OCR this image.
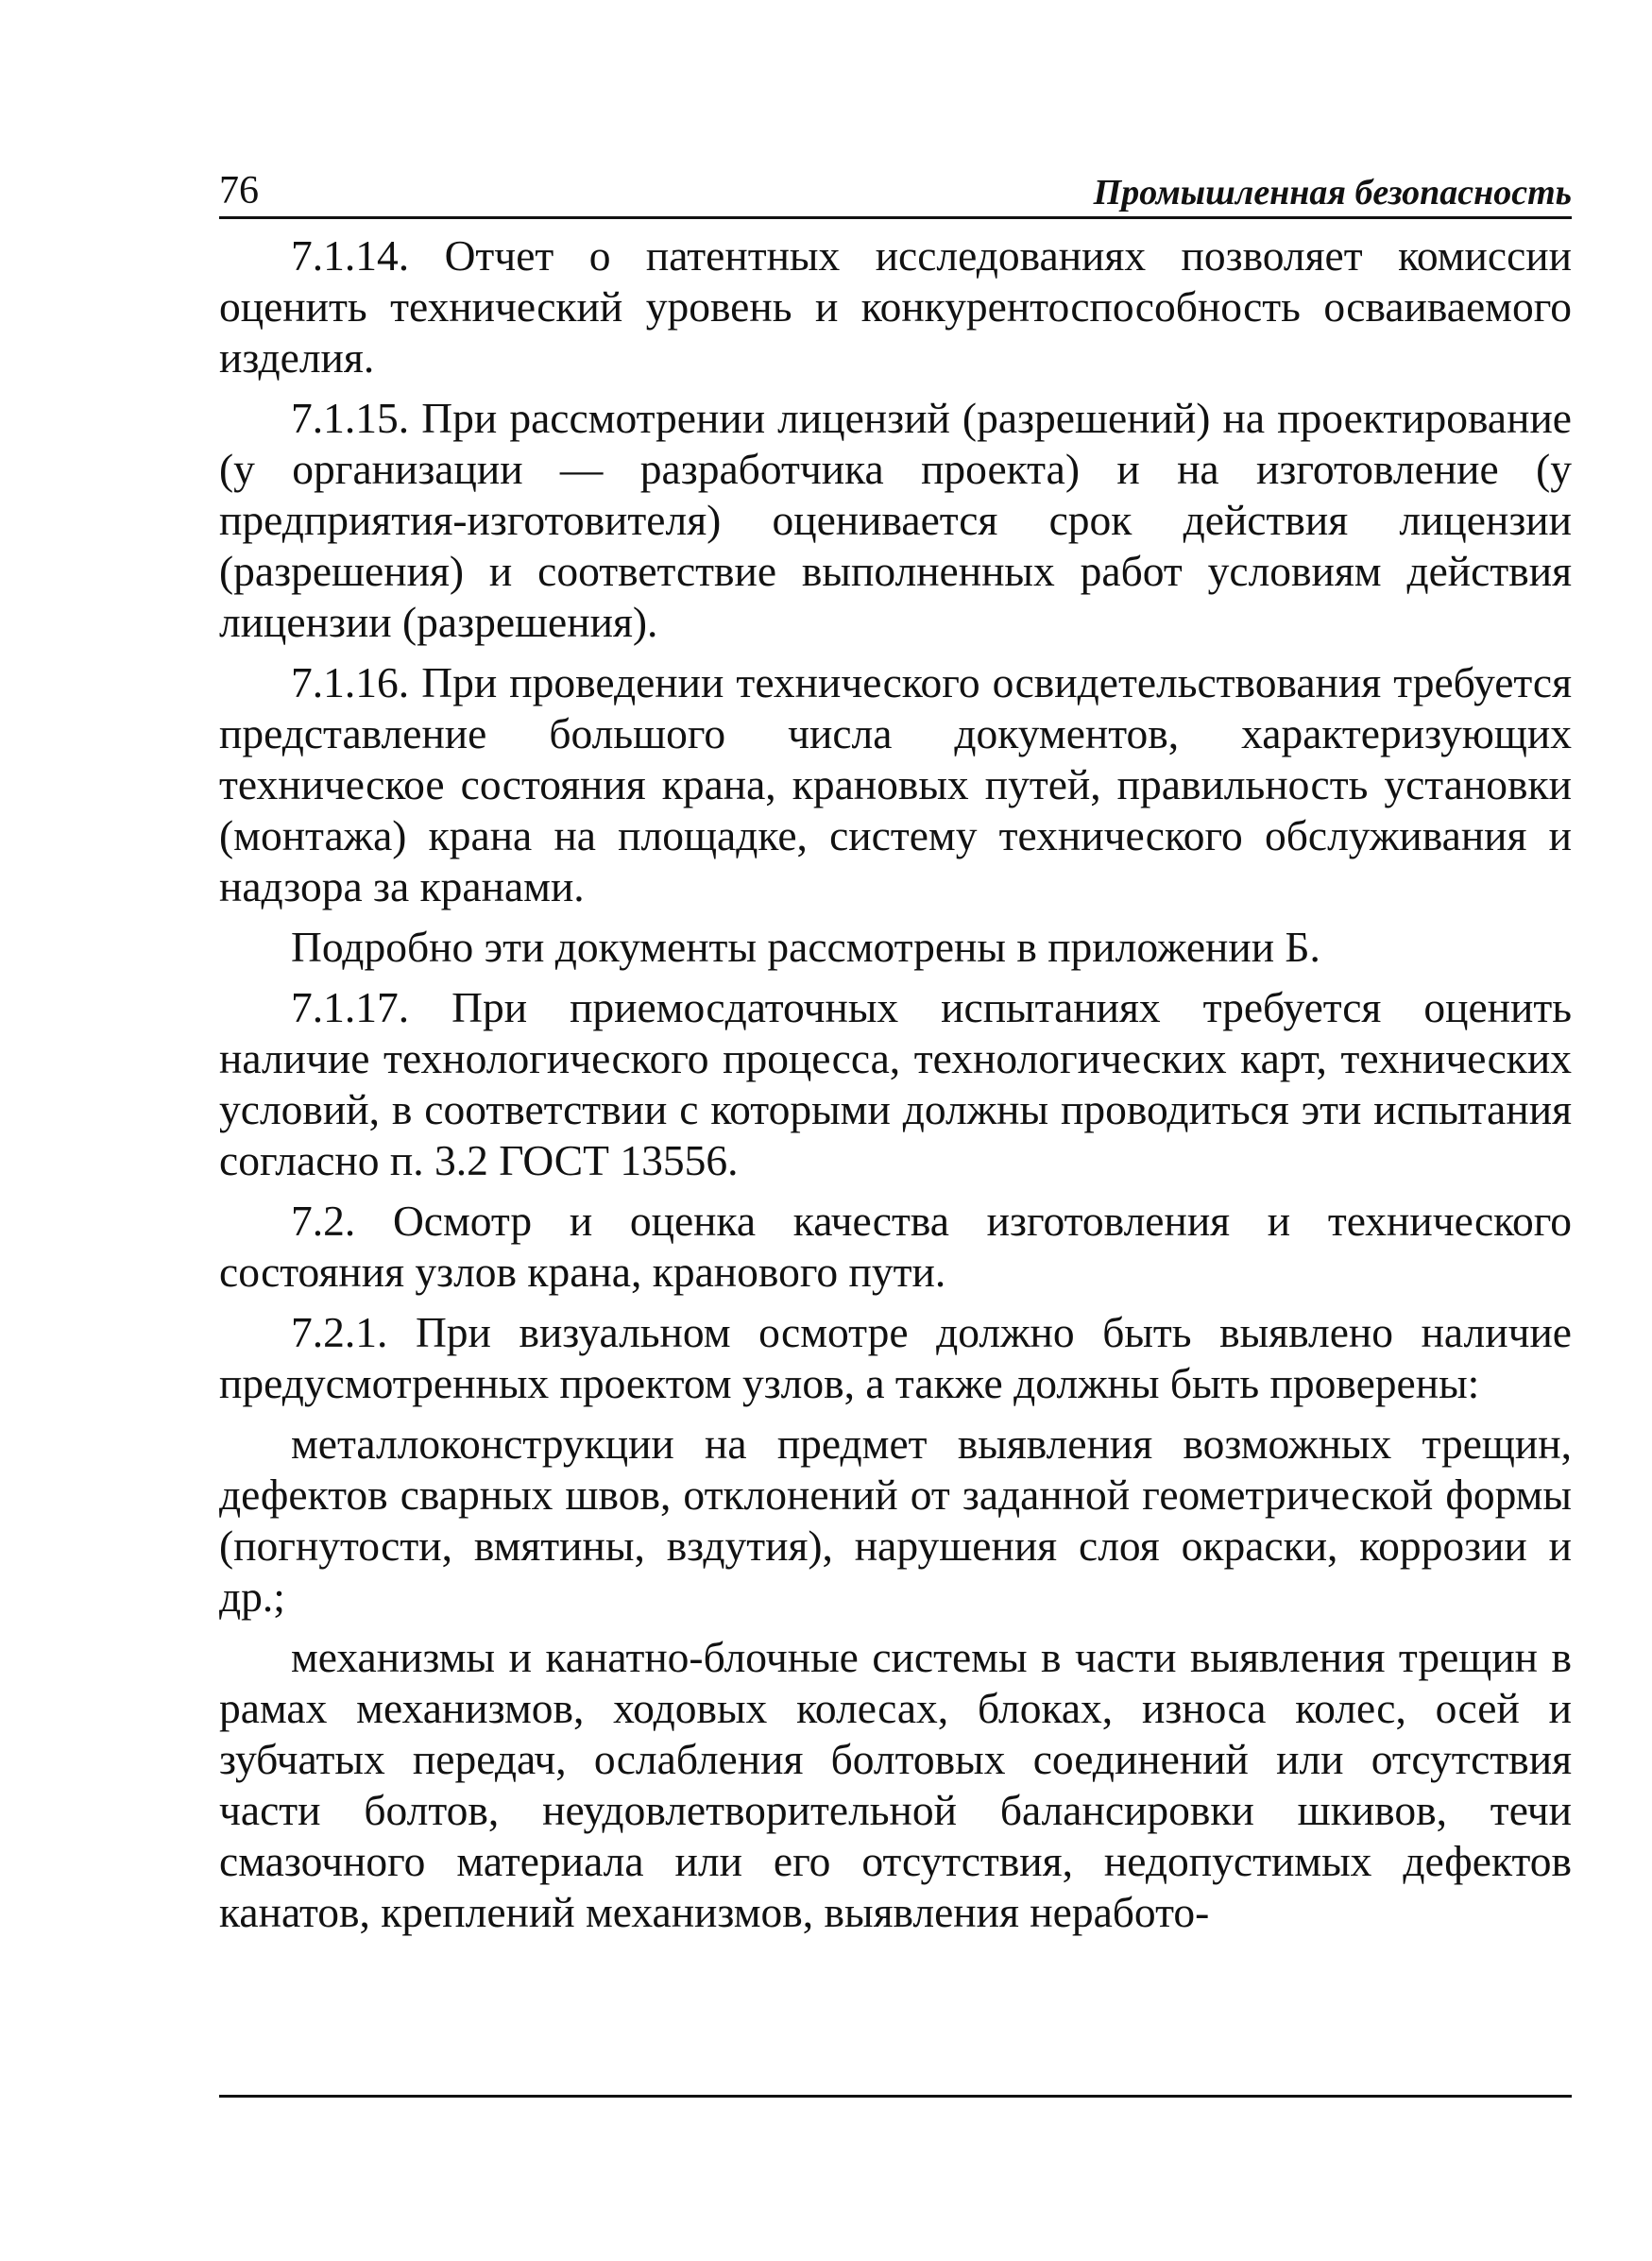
76	Промышленная безопасность

7.1.14. Отчет о патентных исследованиях позволяет комиссии оценить технический уровень и конкурентоспособность осваиваемого изделия.

7.1.15. При рассмотрении лицензий (разрешений) на проектирование (у организации — разработчика проекта) и на изготовление (у предприятия-изготовителя) оценивается срок действия лицензии (разрешения) и соответствие выполненных работ условиям действия лицензии (разрешения).

7.1.16. При проведении технического освидетельствования требуется представление большого числа документов, характеризующих техническое состояния крана, крановых путей, правильность установки (монтажа) крана на площадке, систему технического обслуживания и надзора за кранами.

Подробно эти документы рассмотрены в приложении Б.

7.1.17. При приемосдаточных испытаниях требуется оценить наличие технологического процесса, технологических карт, технических условий, в соответствии с которыми должны проводиться эти испытания согласно п. 3.2 ГОСТ 13556.

7.2. Осмотр и оценка качества изготовления и технического состояния узлов крана, кранового пути.

7.2.1. При визуальном осмотре должно быть выявлено наличие предусмотренных проектом узлов, а также должны быть проверены:

металлоконструкции на предмет выявления возможных трещин, дефектов сварных швов, отклонений от заданной геометрической формы (погнутости, вмятины, вздутия), нарушения слоя окраски, коррозии и др.;

механизмы и канатно-блочные системы в части выявления трещин в рамах механизмов, ходовых колесах, блоках, износа колес, осей и зубчатых передач, ослабления болтовых соединений или отсутствия части болтов, неудовлетворительной балансировки шкивов, течи смазочного материала или его отсутствия, недопустимых дефектов канатов, креплений механизмов, выявления неработо-
